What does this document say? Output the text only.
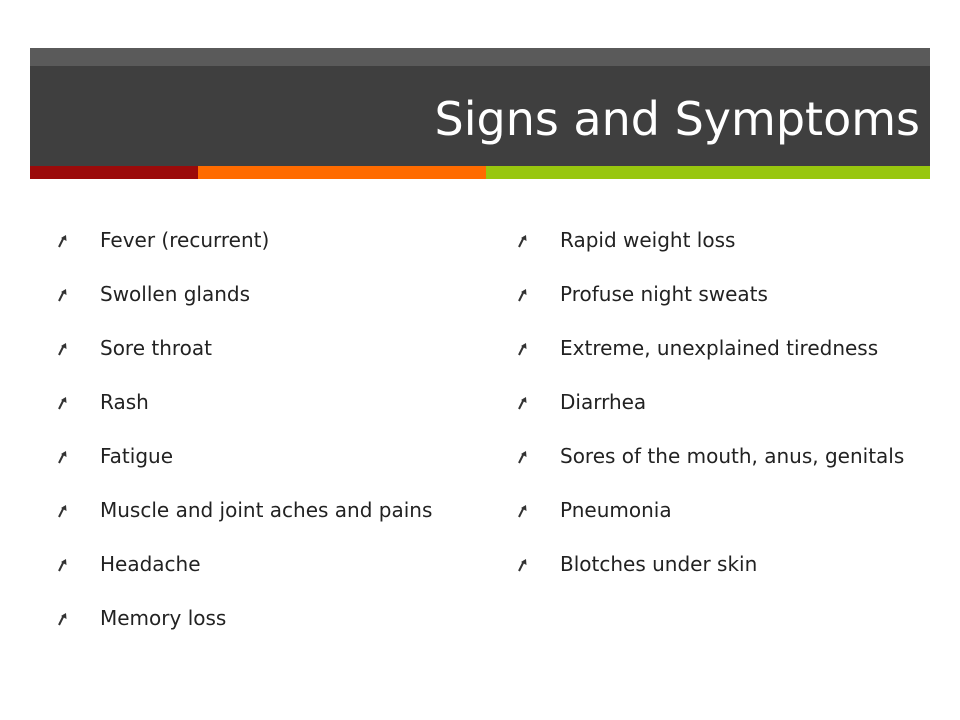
Signs and Symptoms
Fever (recurrent)
Swollen glands
Sore throat
Rash
Fatigue
Muscle and joint aches and pains
Headache
Memory loss
Rapid weight loss
Profuse night sweats
Extreme, unexplained tiredness
Diarrhea
Sores of the mouth, anus, genitals
Pneumonia
Blotches under skin
